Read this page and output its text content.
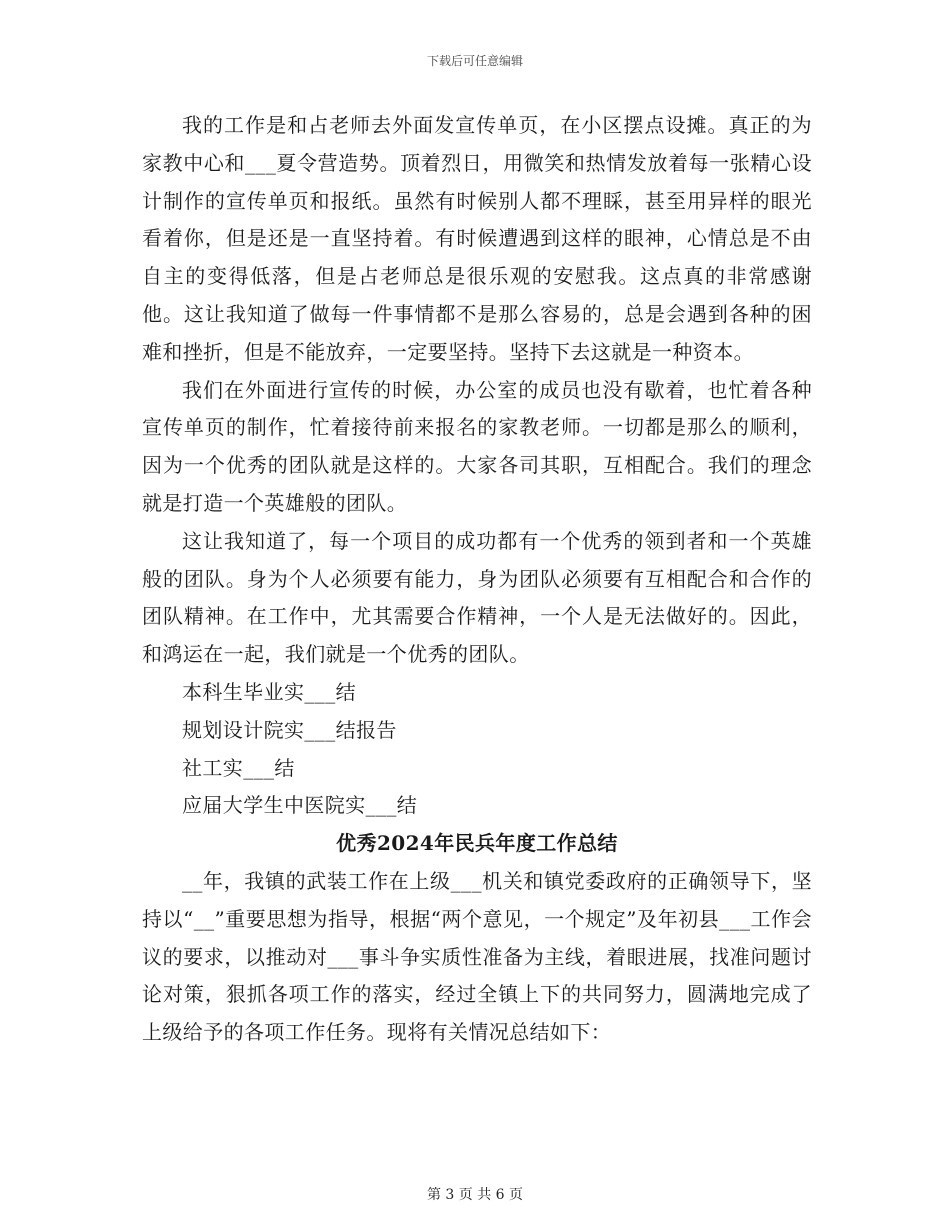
下载后可任意编辑

我的工作是和占老师去外面发宣传单页，在小区摆点设摊。真正的为家教中心和___夏令营造势。顶着烈日，用微笑和热情发放着每一张精心设计制作的宣传单页和报纸。虽然有时候别人都不理睬，甚至用异样的眼光看着你，但是还是一直坚持着。有时候遭遇到这样的眼神，心情总是不由自主的变得低落，但是占老师总是很乐观的安慰我。这点真的非常感谢他。这让我知道了做每一件事情都不是那么容易的，总是会遇到各种的困难和挫折，但是不能放弃，一定要坚持。坚持下去这就是一种资本。

我们在外面进行宣传的时候，办公室的成员也没有歇着，也忙着各种宣传单页的制作，忙着接待前来报名的家教老师。一切都是那么的顺利，因为一个优秀的团队就是这样的。大家各司其职，互相配合。我们的理念就是打造一个英雄般的团队。

这让我知道了，每一个项目的成功都有一个优秀的领到者和一个英雄般的团队。身为个人必须要有能力，身为团队必须要有互相配合和合作的团队精神。在工作中，尤其需要合作精神，一个人是无法做好的。因此，和鸿运在一起，我们就是一个优秀的团队。

本科生毕业实___结

规划设计院实___结报告

社工实___结

应届大学生中医院实___结

优秀2024年民兵年度工作总结

__年，我镇的武装工作在上级___机关和镇党委政府的正确领导下，坚持以“__”重要思想为指导，根据“两个意见，一个规定”及年初县___工作会议的要求，以推动对___事斗争实质性准备为主线，着眼进展，找准问题讨论对策，狠抓各项工作的落实，经过全镇上下的共同努力，圆满地完成了上级给予的各项工作任务。现将有关情况总结如下：

第 3 页 共 6 页
